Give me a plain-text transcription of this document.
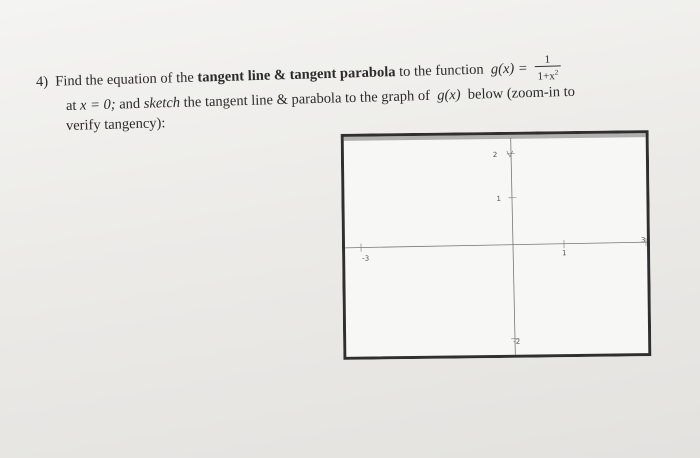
4) Find the equation of the tangent line & tangent parabola to the function $g(x) = \frac{1}{1+x^2}$
at x = 0; and sketch the tangent line & parabola to the graph of g(x) below (zoom-in to
verify tangency):
2
1
-2
1
-3
3
